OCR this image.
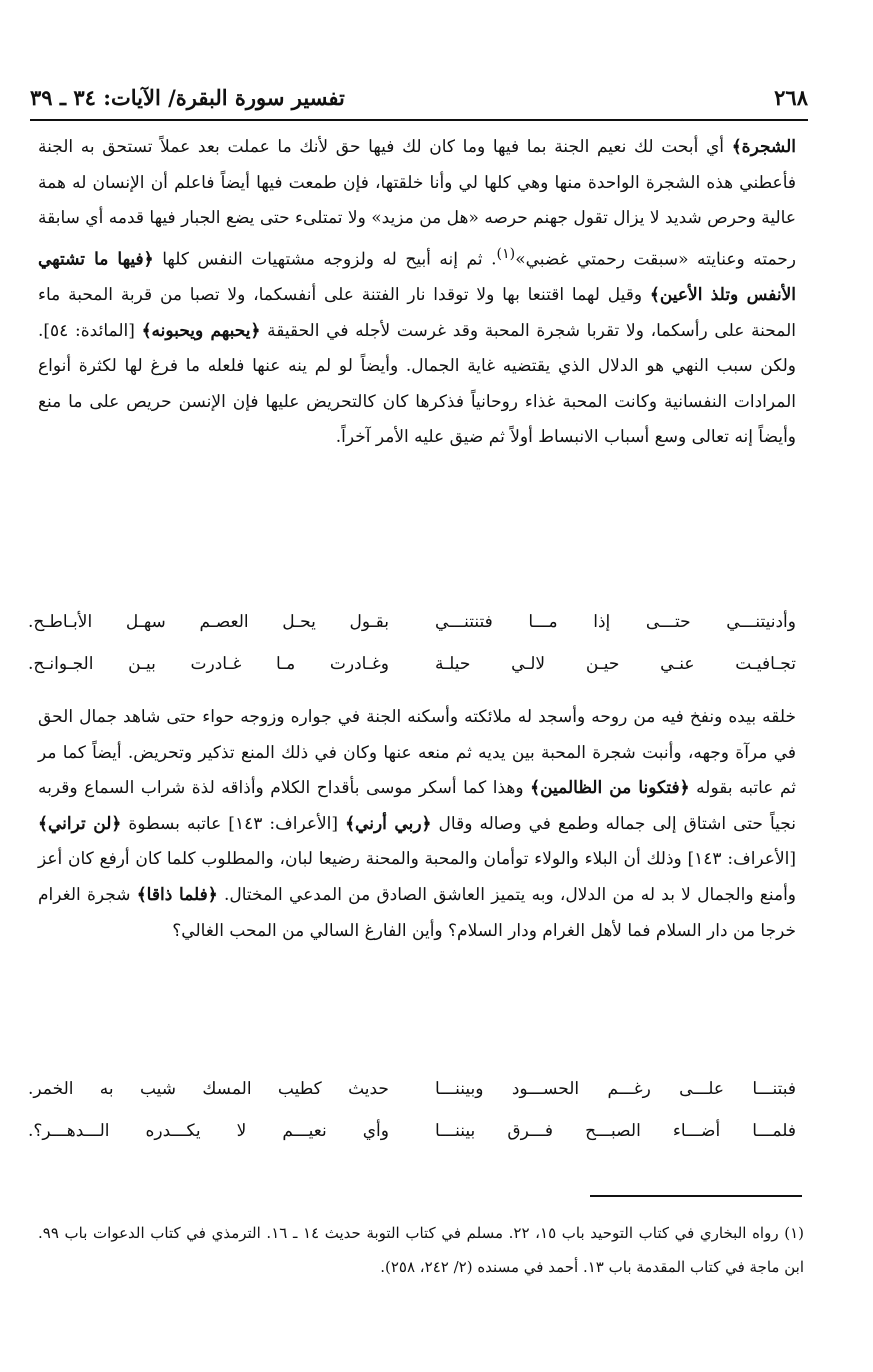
٢٦٨
تفسير سورة البقرة/ الآيات: ٣٤ ـ ٣٩

الشجرة﴾ أي أبحت لك نعيم الجنة بما فيها وما كان لك فيها حق لأنك ما عملت بعد عملاً تستحق به الجنة فأعطني هذه الشجرة الواحدة منها وهي كلها لي وأنا خلقتها، فإن طمعت فيها أيضاً فاعلم أن الإنسان له همة عالية وحرص شديد لا يزال تقول جهنم حرصه «هل من مزيد» ولا تمتلىء حتى يضع الجبار فيها قدمه أي سابقة رحمته وعنايته «سبقت رحمتي غضبي»$^{(١)}$. ثم إنه أبيح له ولزوجه مشتهيات النفس كلها ﴿فيها ما تشتهي الأنفس وتلذ الأعين﴾ وقيل لهما اقتنعا بها ولا توقدا نار الفتنة على أنفسكما، ولا تصبا من قربة المحبة ماء المحنة على رأسكما، ولا تقربا شجرة المحبة وقد غرست لأجله في الحقيقة ﴿يحبهم ويحبونه﴾ [المائدة: ٥٤]. ولكن سبب النهي هو الدلال الذي يقتضيه غاية الجمال. وأيضاً لو لم ينه عنها فلعله ما فرغ لها لكثرة أنواع المرادات النفسانية وكانت المحبة غذاء روحانياً فذكرها كان كالتحريض عليها فإن الإنسن حريص على ما منع وأيضاً إنه تعالى وسع أسباب الانبساط أولاً ثم ضيق عليه الأمر آخراً.

وأدنيتنـــي حتـــى إذا مـــا فتنتنـــي
بقـول يحـل العصـم سهـل الأبـاطـح.
تجـافيـت عنـي حيـن لالـي حيلـة
وغـادرت مـا غـادرت بيـن الجـوانـح.

خلقه بيده ونفخ فيه من روحه وأسجد له ملائكته وأسكنه الجنة في جواره وزوجه حواء حتى شاهد جمال الحق في مرآة وجهه، وأنبت شجرة المحبة بين يديه ثم منعه عنها وكان في ذلك المنع تذكير وتحريض. أيضاً كما مر ثم عاتبه بقوله ﴿فتكونا من الظالمين﴾ وهذا كما أسكر موسى بأقداح الكلام وأذاقه لذة شراب السماع وقربه نجياً حتى اشتاق إلى جماله وطمع في وصاله وقال ﴿ربي أرني﴾ [الأعراف: ١٤٣] عاتبه بسطوة ﴿لن تراني﴾ [الأعراف: ١٤٣] وذلك أن البلاء والولاء توأمان والمحبة والمحنة رضيعا لبان، والمطلوب كلما كان أرفع كان أعز وأمنع والجمال لا بد له من الدلال، وبه يتميز العاشق الصادق من المدعي المختال. ﴿فلما ذاقا﴾ شجرة الغرام خرجا من دار السلام فما لأهل الغرام ودار السلام؟ وأين الفارغ السالي من المحب الغالي؟

فبتنـــا علـــى رغـــم الحســـود وبيننـــا
حديث كطيب المسك شيب به الخمر.
فلمـــا أضـــاء الصبـــح فـــرق بيننـــا
وأي نعيـــم لا يكـــدره الـــدهـــر؟.

(١) رواه البخاري في كتاب التوحيد باب ١٥، ٢٢. مسلم في كتاب التوبة حديث ١٤ ـ ١٦. الترمذي في كتاب الدعوات باب ٩٩. ابن ماجة في كتاب المقدمة باب ١٣. أحمد في مسنده (٢/ ٢٤٢، ٢٥٨).
